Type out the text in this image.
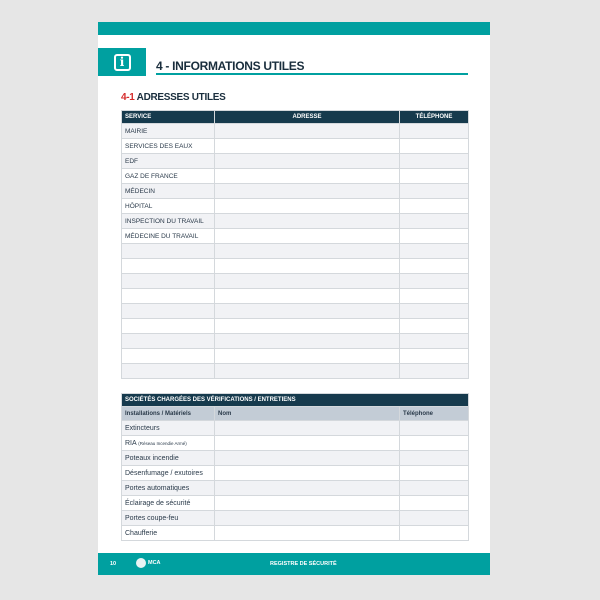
i	4 - INFORMATIONS UTILES
4-1 ADRESSES UTILES
SERVICE	ADRESSE	TÉLÉPHONE
MAIRIE		
SERVICES DES EAUX		
EDF		
GAZ DE FRANCE		
MÉDECIN		
HÔPITAL		
INSPECTION DU TRAVAIL		
MÉDECINE DU TRAVAIL		

SOCIÉTÉS CHARGÉES DES VÉRIFICATIONS / ENTRETIENS		
Installations / Matériels	Nom	Téléphone
Extincteurs		
RIA (Réseau Incendie Armé)		
Poteaux incendie		
Désenfumage / exutoires		
Portes automatiques		
Éclairage de sécurité		
Portes coupe-feu		
Chaufferie		
10	MCA	REGISTRE DE SÉCURITÉ
